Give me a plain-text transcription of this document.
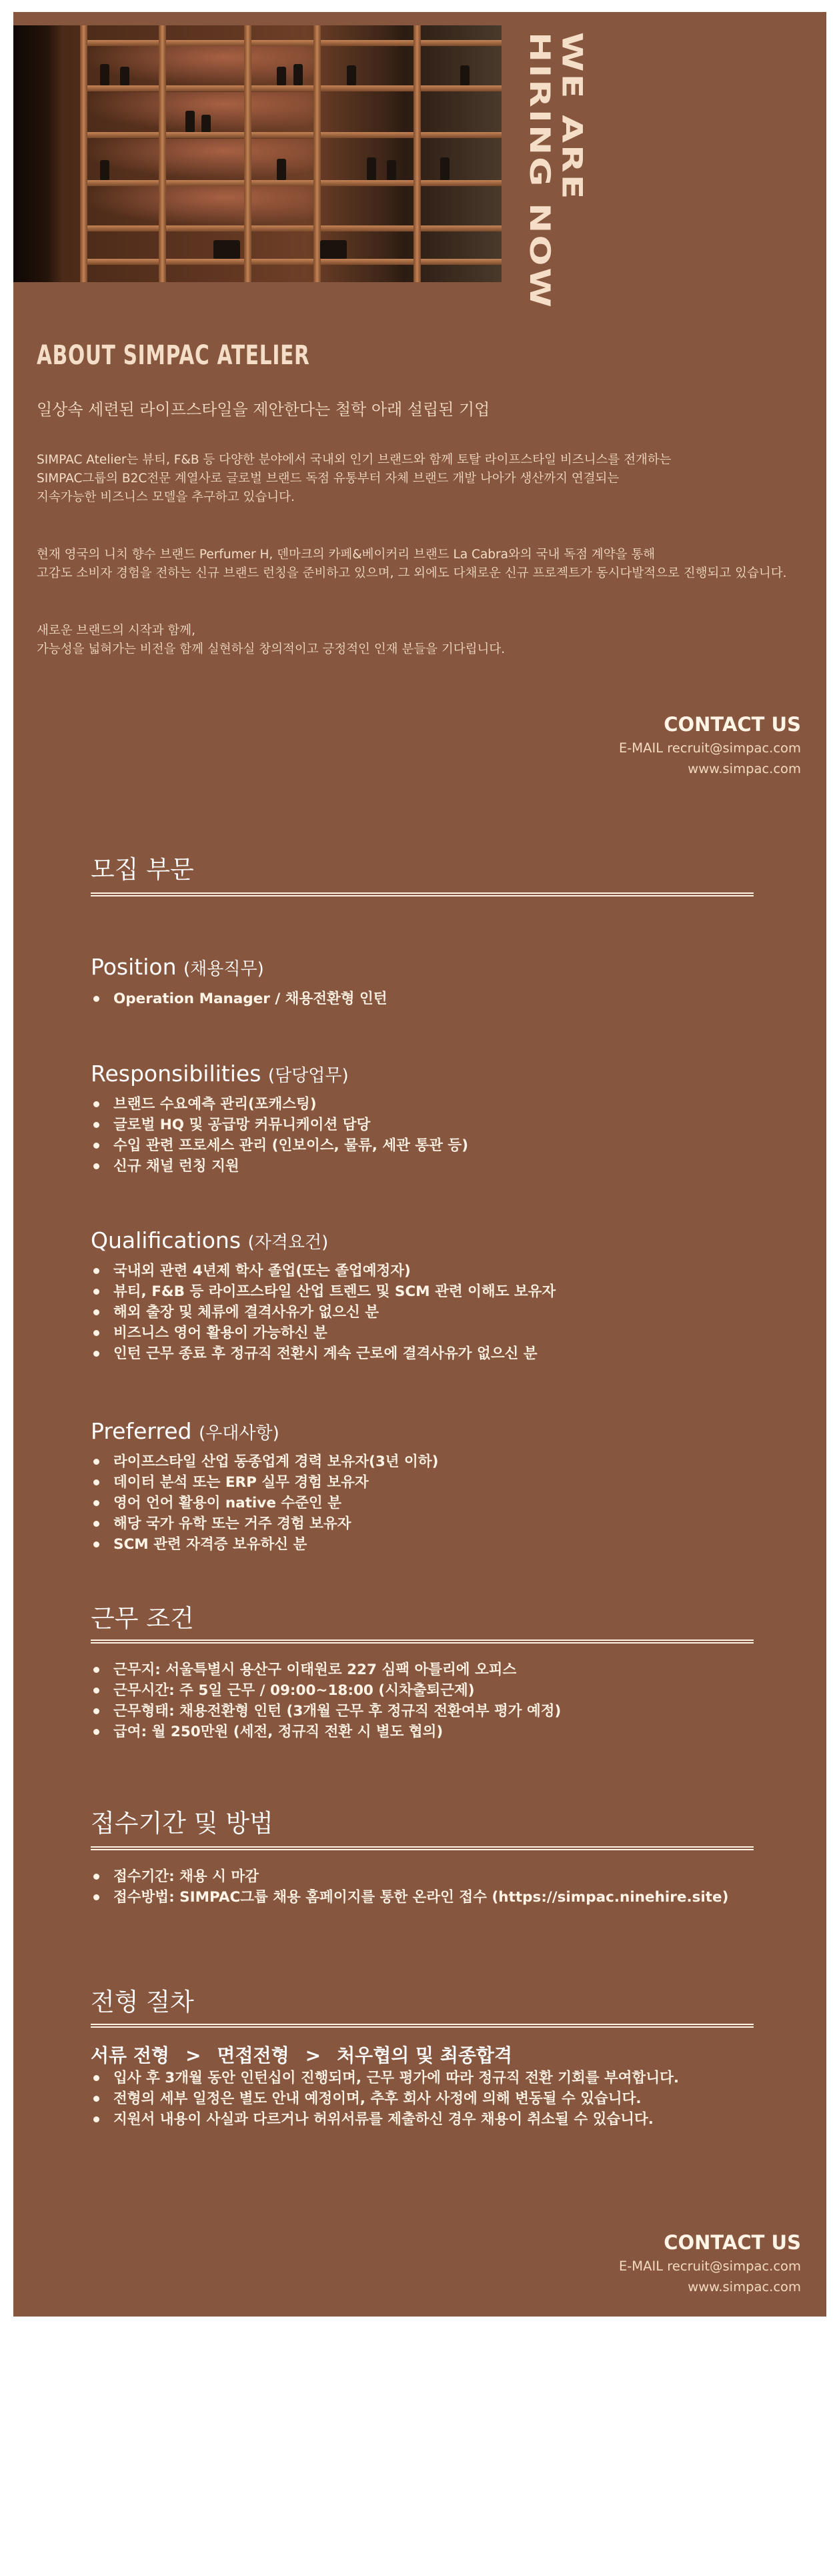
WE ARE
HIRING NOW
ABOUT SIMPAC ATELIER
일상속 세련된 라이프스타일을 제안한다는 철학 아래 설립된 기업
SIMPAC Atelier는 뷰티, F&B 등 다양한 분야에서 국내외 인기 브랜드와 함께 토탈 라이프스타일 비즈니스를 전개하는
SIMPAC그룹의 B2C전문 계열사로 글로벌 브랜드 독점 유통부터 자체 브랜드 개발 나아가 생산까지 연결되는
지속가능한 비즈니스 모델을 추구하고 있습니다.
현재 영국의 니치 향수 브랜드 Perfumer H, 덴마크의 카페&베이커리 브랜드 La Cabra와의 국내 독점 계약을 통해
고감도 소비자 경험을 전하는 신규 브랜드 런칭을 준비하고 있으며, 그 외에도 다채로운 신규 프로젝트가 동시다발적으로 진행되고 있습니다.
새로운 브랜드의 시작과 함께,
가능성을 넓혀가는 비전을 함께 실현하실 창의적이고 긍정적인 인재 분들을 기다립니다.
CONTACT US
E-MAIL recruit@simpac.com
www.simpac.com
모집 부문
Position (채용직무)
Operation Manager / 채용전환형 인턴
Responsibilities (담당업무)
브랜드 수요예측 관리(포캐스팅)
글로벌 HQ 및 공급망 커뮤니케이션 담당
수입 관련 프로세스 관리 (인보이스, 물류, 세관 통관 등)
신규 채널 런칭 지원
Qualifications (자격요건)
국내외 관련 4년제 학사 졸업(또는 졸업예정자)
뷰티, F&B 등 라이프스타일 산업 트렌드 및 SCM 관련 이해도 보유자
해외 출장 및 체류에 결격사유가 없으신 분
비즈니스 영어 활용이 가능하신 분
인턴 근무 종료 후 정규직 전환시 계속 근로에 결격사유가 없으신 분
Preferred (우대사항)
라이프스타일 산업 동종업계 경력 보유자(3년 이하)
데이터 분석 또는 ERP 실무 경험 보유자
영어 언어 활용이 native 수준인 분
해당 국가 유학 또는 거주 경험 보유자
SCM 관련 자격증 보유하신 분
근무 조건
근무지: 서울특별시 용산구 이태원로 227 심팩 아틀리에 오피스
근무시간: 주 5일 근무 / 09:00~18:00 (시차출퇴근제)
근무형태: 채용전환형 인턴 (3개월 근무 후 정규직 전환여부 평가 예정)
급여: 월 250만원 (세전, 정규직 전환 시 별도 협의)
접수기간 및 방법
접수기간: 채용 시 마감
접수방법: SIMPAC그룹 채용 홈페이지를 통한 온라인 접수 (https://simpac.ninehire.site)
전형 절차
서류 전형 > 면접전형 > 처우협의 및 최종합격
입사 후 3개월 동안 인턴십이 진행되며, 근무 평가에 따라 정규직 전환 기회를 부여합니다.
전형의 세부 일정은 별도 안내 예정이며, 추후 회사 사정에 의해 변동될 수 있습니다.
지원서 내용이 사실과 다르거나 허위서류를 제출하신 경우 채용이 취소될 수 있습니다.
CONTACT US
E-MAIL recruit@simpac.com
www.simpac.com
